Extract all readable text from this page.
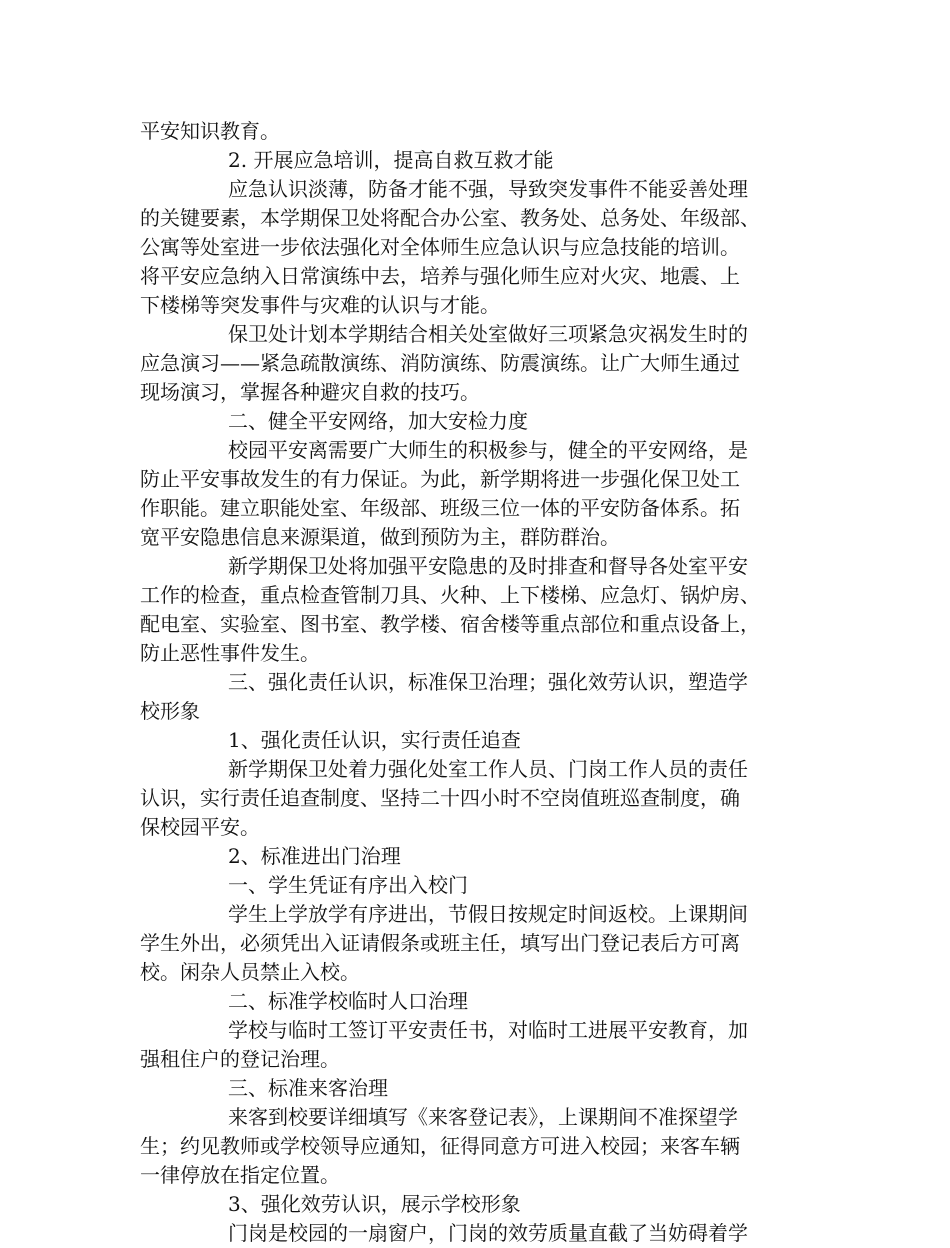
平安知识教育。
2. 开展应急培训，提高自救互救才能
应急认识淡薄，防备才能不强，导致突发事件不能妥善处理
的关键要素，本学期保卫处将配合办公室、教务处、总务处、年级部、
公寓等处室进一步依法强化对全体师生应急认识与应急技能的培训。
将平安应急纳入日常演练中去，培养与强化师生应对火灾、地震、上
下楼梯等突发事件与灾难的认识与才能。
保卫处计划本学期结合相关处室做好三项紧急灾祸发生时的
应急演习——紧急疏散演练、消防演练、防震演练。让广大师生通过
现场演习，掌握各种避灾自救的技巧。
二、健全平安网络，加大安检力度
校园平安离需要广大师生的积极参与，健全的平安网络，是
防止平安事故发生的有力保证。为此，新学期将进一步强化保卫处工
作职能。建立职能处室、年级部、班级三位一体的平安防备体系。拓
宽平安隐患信息来源渠道，做到预防为主，群防群治。
新学期保卫处将加强平安隐患的及时排查和督导各处室平安
工作的检查，重点检查管制刀具、火种、上下楼梯、应急灯、锅炉房、
配电室、实验室、图书室、教学楼、宿舍楼等重点部位和重点设备上，
防止恶性事件发生。
三、强化责任认识，标准保卫治理；强化效劳认识，塑造学
校形象
1、强化责任认识，实行责任追查
新学期保卫处着力强化处室工作人员、门岗工作人员的责任
认识，实行责任追查制度、坚持二十四小时不空岗值班巡查制度，确
保校园平安。
2、标准进出门治理
一、学生凭证有序出入校门
学生上学放学有序进出，节假日按规定时间返校。上课期间
学生外出，必须凭出入证请假条或班主任，填写出门登记表后方可离
校。闲杂人员禁止入校。
二、标准学校临时人口治理
学校与临时工签订平安责任书，对临时工进展平安教育，加
强租住户的登记治理。
三、标准来客治理
来客到校要详细填写《来客登记表》，上课期间不准探望学
生；约见教师或学校领导应通知，征得同意方可进入校园；来客车辆
一律停放在指定位置。
3、强化效劳认识，展示学校形象
门岗是校园的一扇窗户，门岗的效劳质量直截了当妨碍着学
